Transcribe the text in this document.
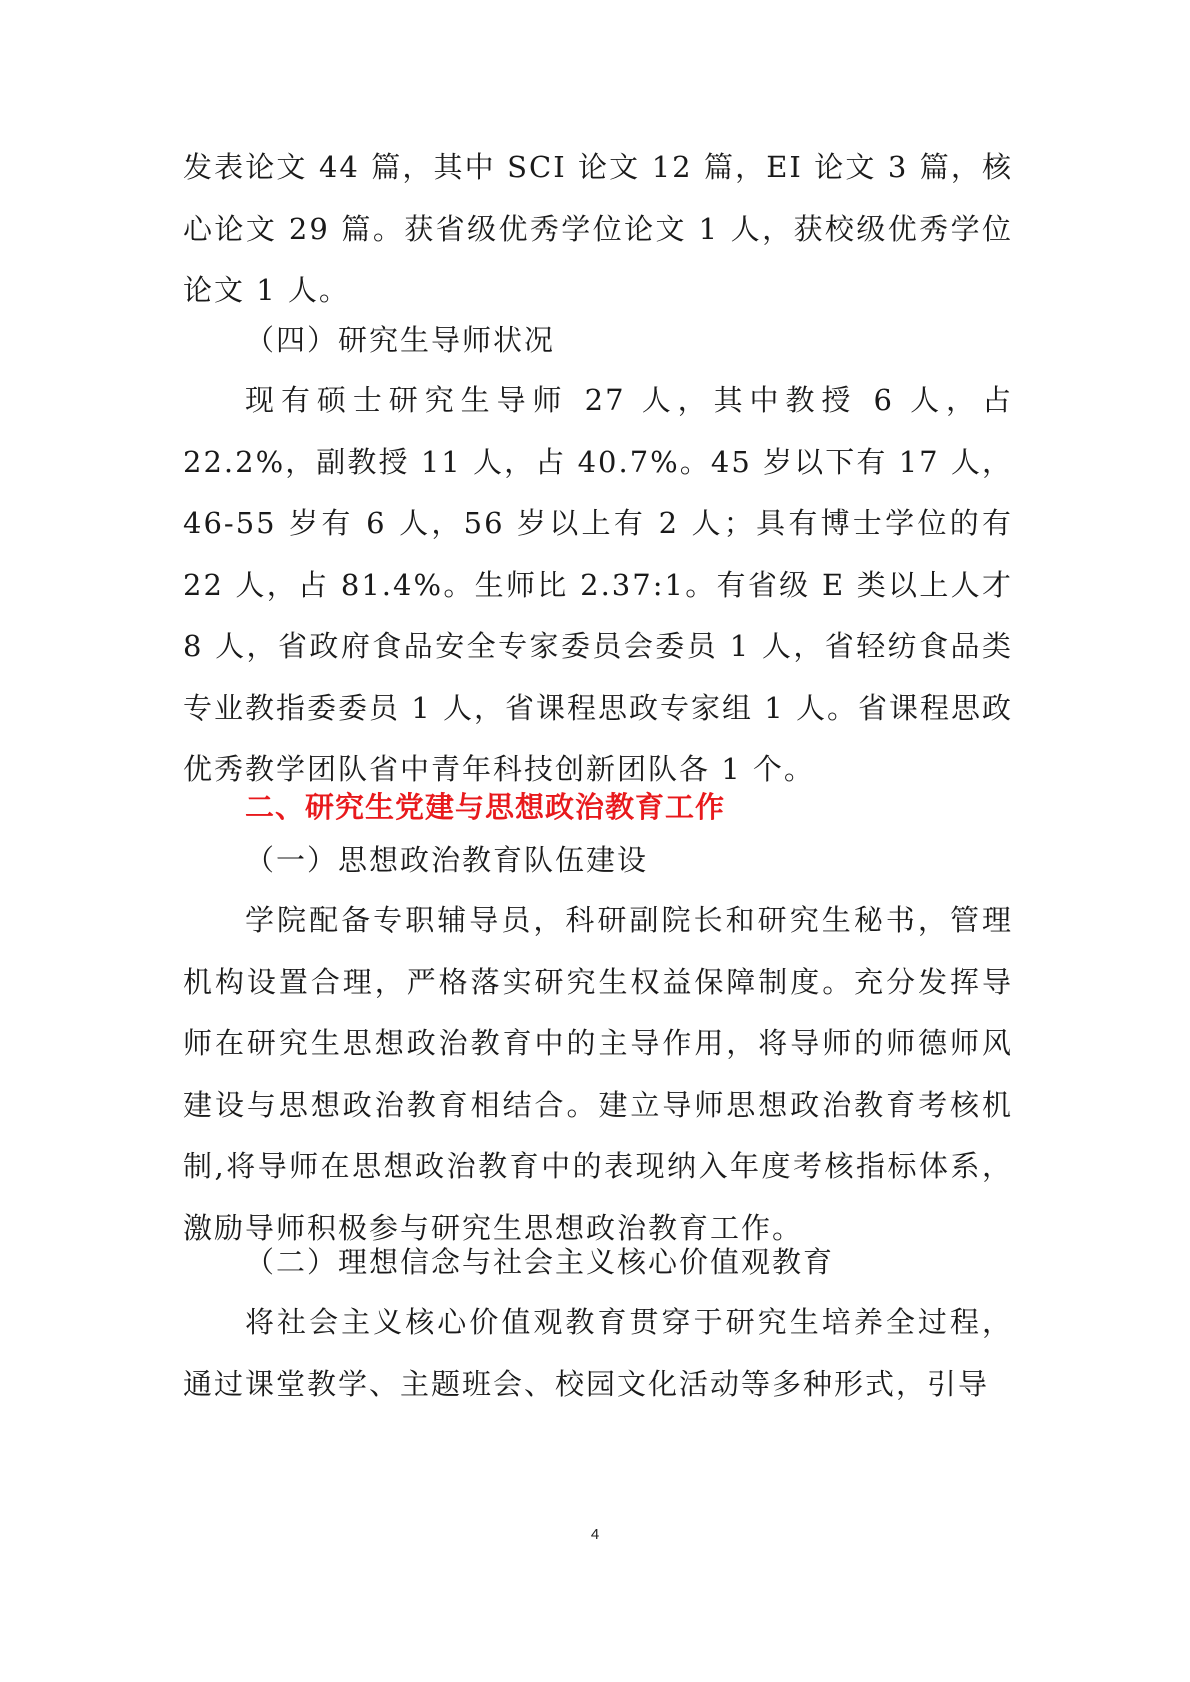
发表论文 44 篇，其中 SCI 论文 12 篇，EI 论文 3 篇，核心论文 29 篇。获省级优秀学位论文 1 人，获校级优秀学位论文 1 人。

（四）研究生导师状况

现有硕士研究生导师 27 人，其中教授 6 人，占 22.2%，副教授 11 人，占 40.7%。45 岁以下有 17 人，46-55 岁有 6 人，56 岁以上有 2 人；具有博士学位的有 22 人，占 81.4%。生师比 2.37:1。有省级 E 类以上人才 8 人，省政府食品安全专家委员会委员 1 人，省轻纺食品类专业教指委委员 1 人，省课程思政专家组 1 人。省课程思政优秀教学团队省中青年科技创新团队各 1 个。

二、研究生党建与思想政治教育工作

（一）思想政治教育队伍建设

学院配备专职辅导员，科研副院长和研究生秘书，管理机构设置合理，严格落实研究生权益保障制度。充分发挥导师在研究生思想政治教育中的主导作用，将导师的师德师风建设与思想政治教育相结合。建立导师思想政治教育考核机制,将导师在思想政治教育中的表现纳入年度考核指标体系，激励导师积极参与研究生思想政治教育工作。

（二）理想信念与社会主义核心价值观教育

将社会主义核心价值观教育贯穿于研究生培养全过程，通过课堂教学、主题班会、校园文化活动等多种形式，引导

4
